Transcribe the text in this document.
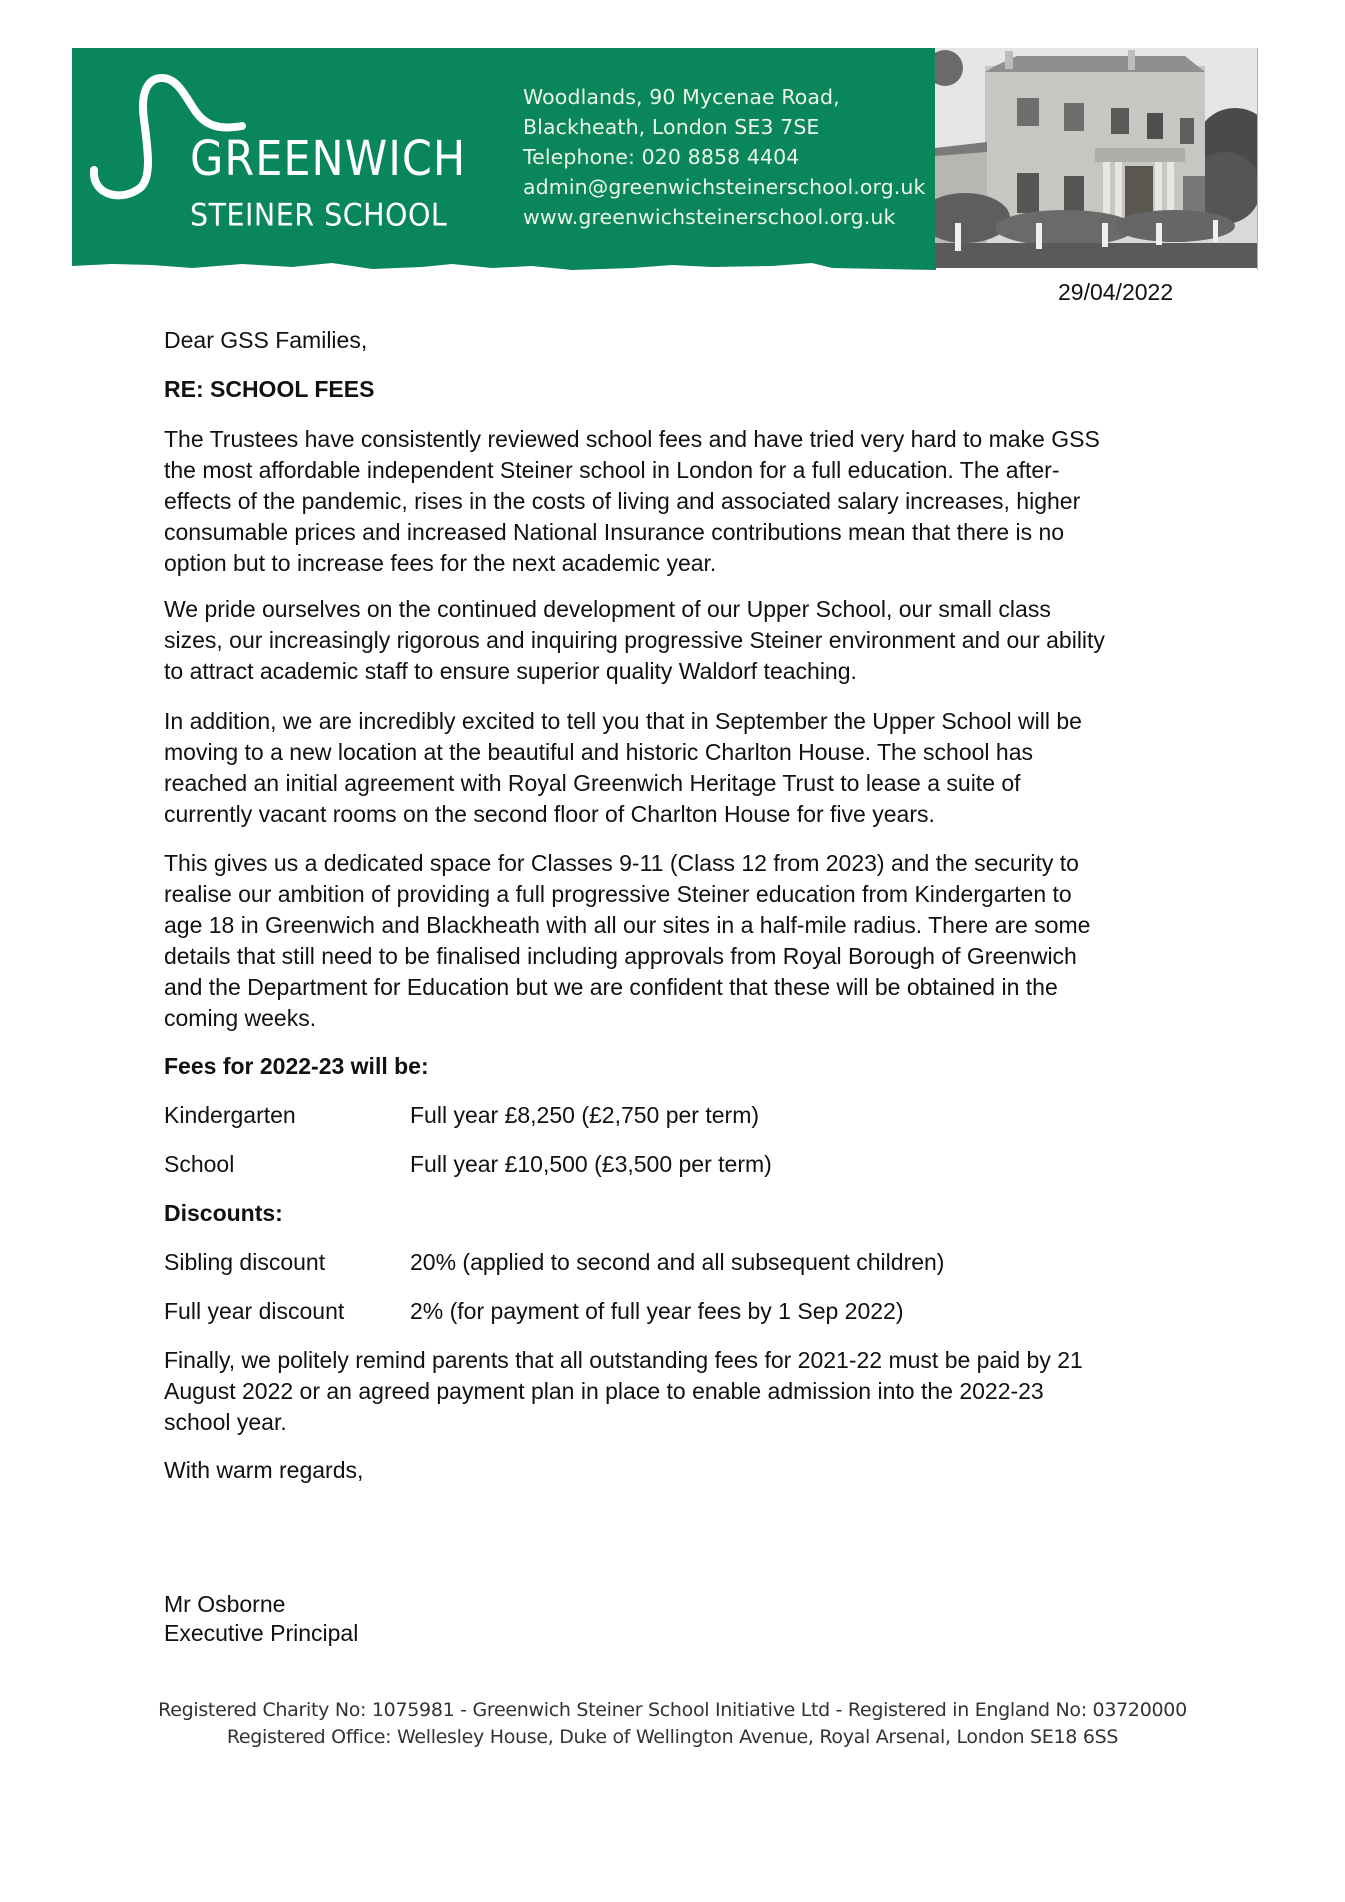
GREENWICH
STEINER SCHOOL
Woodlands, 90 Mycenae Road,
Blackheath, London SE3 7SE
Telephone: 020 8858 4404
admin@greenwichsteinerschool.org.uk
www.greenwichsteinerschool.org.uk
29/04/2022
Dear GSS Families,
RE: SCHOOL FEES
The Trustees have consistently reviewed school fees and have tried very hard to make GSS
the most affordable independent Steiner school in London for a full education. The after-
effects of the pandemic, rises in the costs of living and associated salary increases, higher
consumable prices and increased National Insurance contributions mean that there is no
option but to increase fees for the next academic year.
We pride ourselves on the continued development of our Upper School, our small class
sizes, our increasingly rigorous and inquiring progressive Steiner environment and our ability
to attract academic staff to ensure superior quality Waldorf teaching.
In addition, we are incredibly excited to tell you that in September the Upper School will be
moving to a new location at the beautiful and historic Charlton House. The school has
reached an initial agreement with Royal Greenwich Heritage Trust to lease a suite of
currently vacant rooms on the second floor of Charlton House for five years.
This gives us a dedicated space for Classes 9-11 (Class 12 from 2023) and the security to
realise our ambition of providing a full progressive Steiner education from Kindergarten to
age 18 in Greenwich and Blackheath with all our sites in a half-mile radius. There are some
details that still need to be finalised including approvals from Royal Borough of Greenwich
and the Department for Education but we are confident that these will be obtained in the
coming weeks.
Fees for 2022-23 will be:
Kindergarten	Full year £8,250 (£2,750 per term)
School	Full year £10,500 (£3,500 per term)
Discounts:
Sibling discount	20% (applied to second and all subsequent children)
Full year discount	2% (for payment of full year fees by 1 Sep 2022)
Finally, we politely remind parents that all outstanding fees for 2021-22 must be paid by 21
August 2022 or an agreed payment plan in place to enable admission into the 2022-23
school year.
With warm regards,
Mr Osborne
Executive Principal
Registered Charity No: 1075981 - Greenwich Steiner School Initiative Ltd - Registered in England No: 03720000
Registered Office: Wellesley House, Duke of Wellington Avenue, Royal Arsenal, London SE18 6SS
